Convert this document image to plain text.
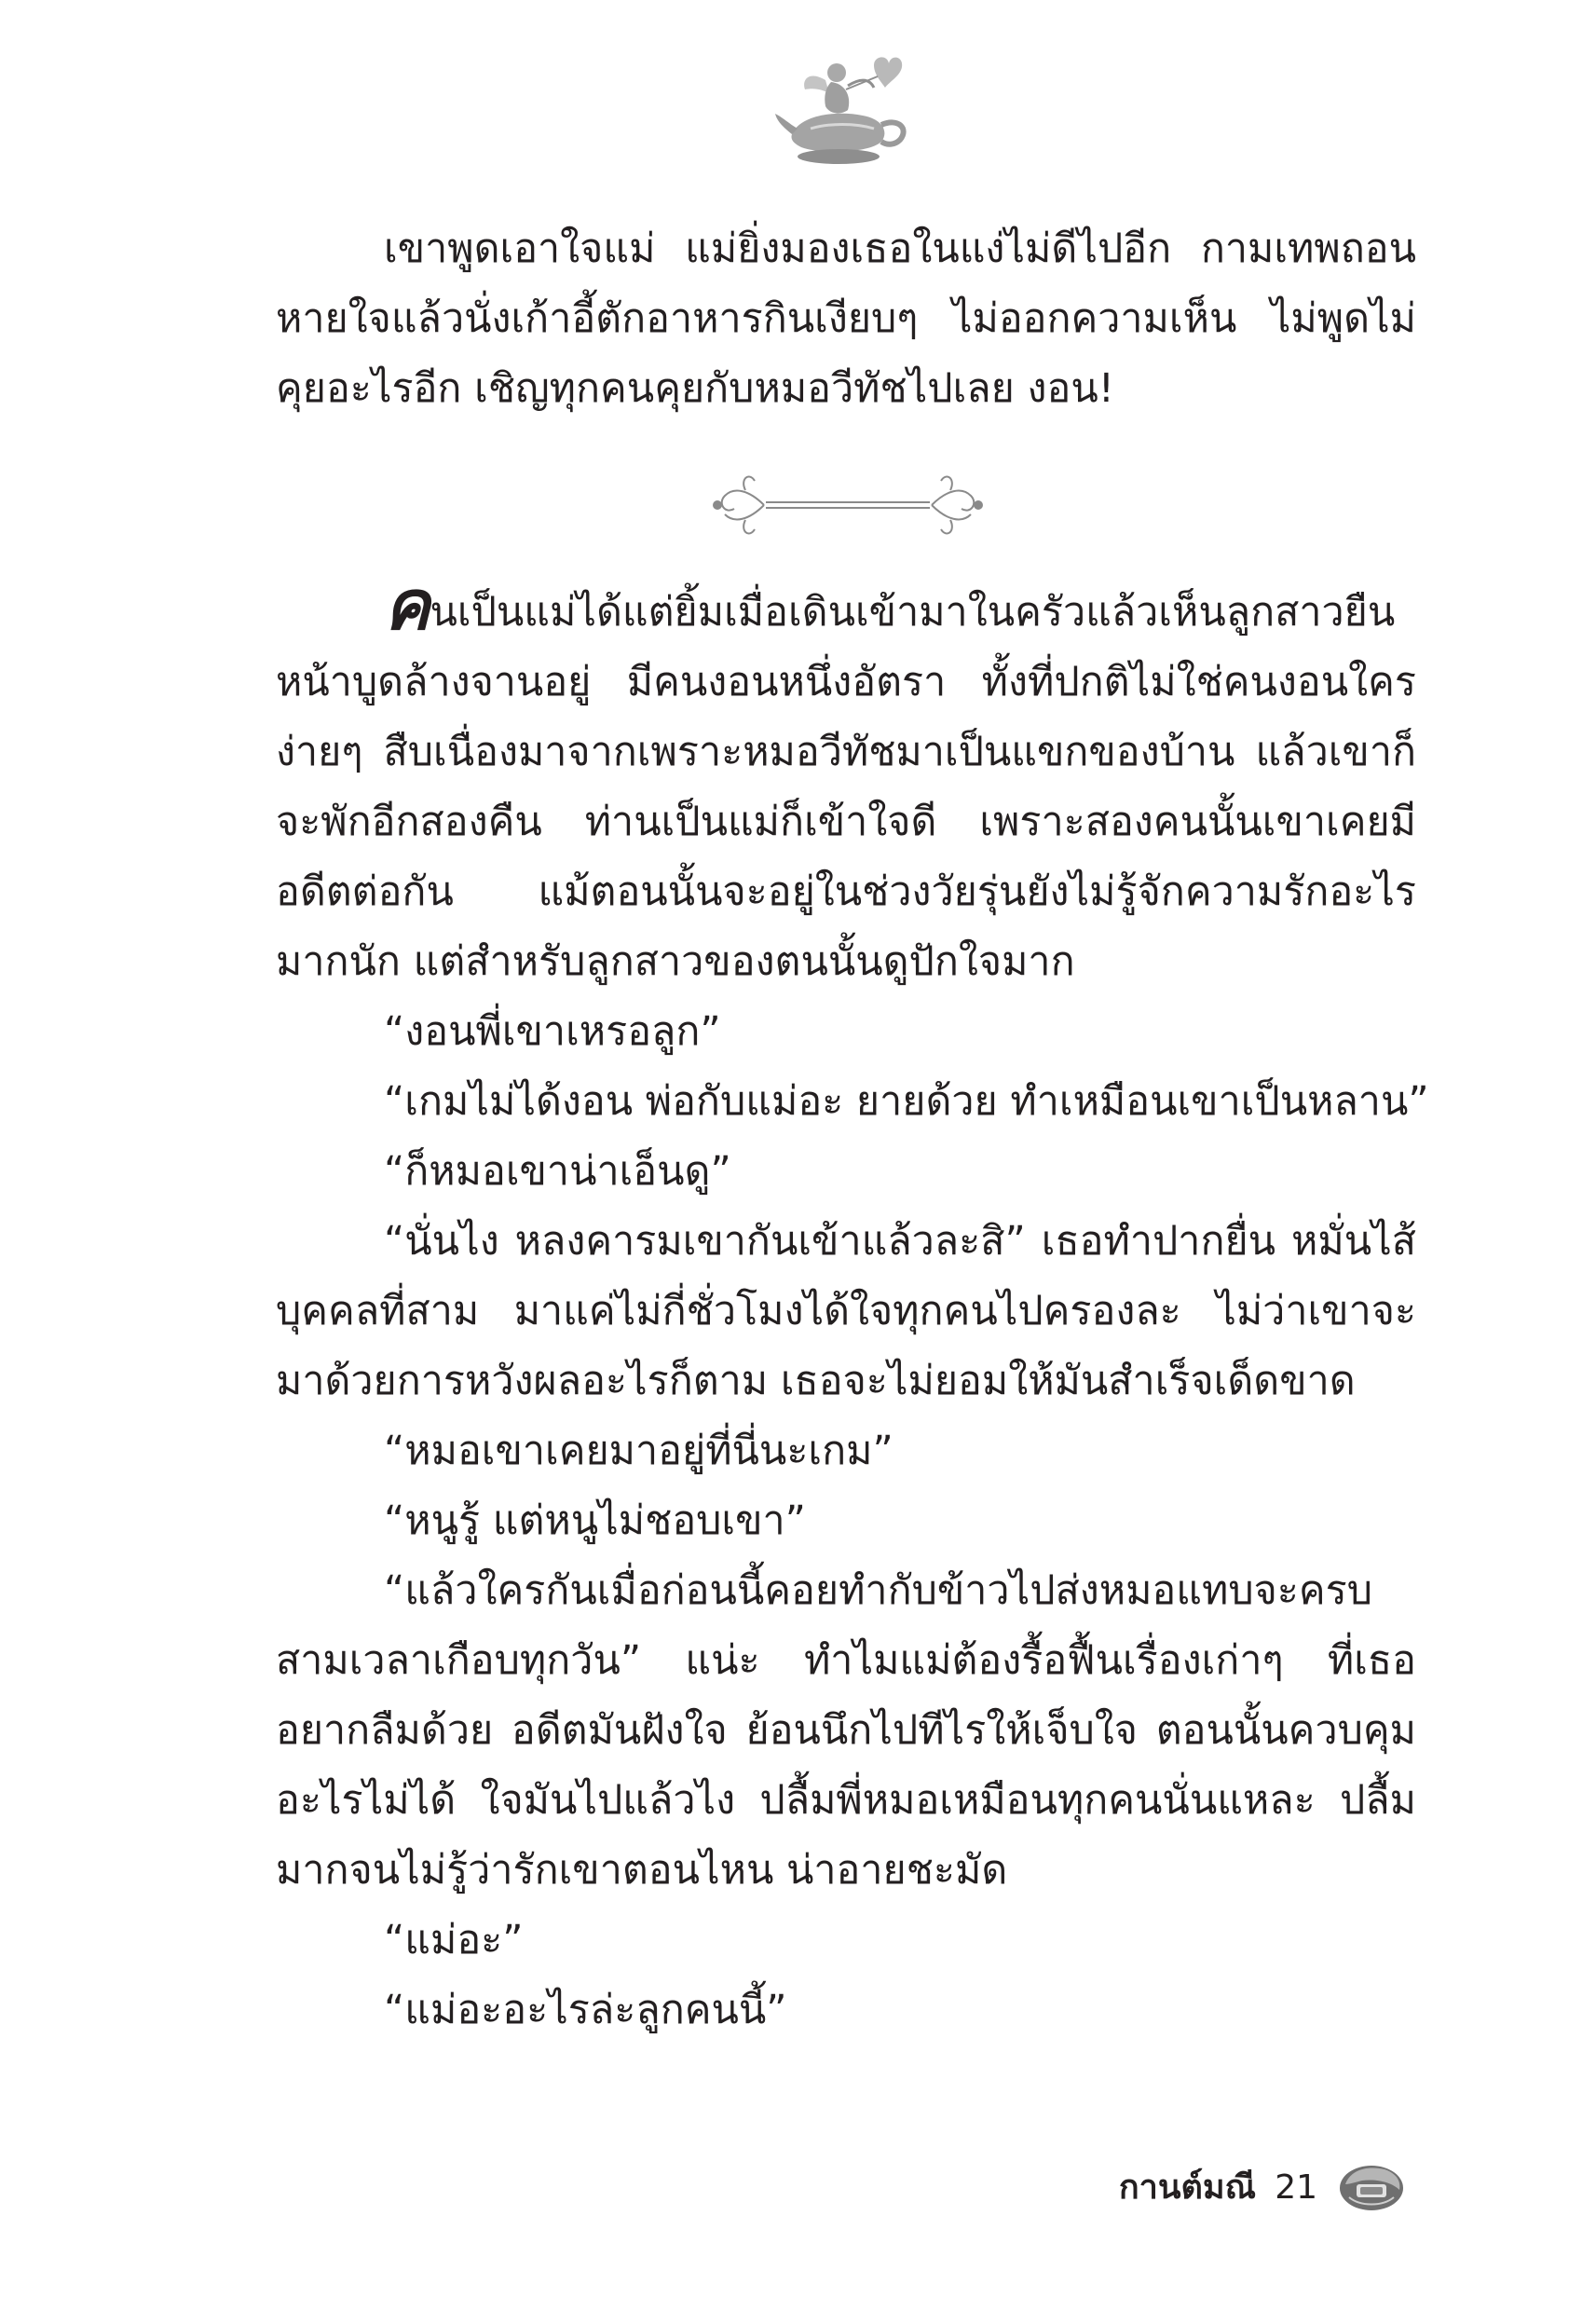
เขาพูดเอาใจแม่ แม่ยิ่งมองเธอในแง่ไม่ดีไปอีก กามเทพถอนหายใจแล้วนั่งเก้าอี้ตักอาหารกินเงียบๆ ไม่ออกความเห็น ไม่พูดไม่คุยอะไรอีก เชิญทุกคนคุยกับหมอวีทัชไปเลย งอน!

คนเป็นแม่ได้แต่ยิ้มเมื่อเดินเข้ามาในครัวแล้วเห็นลูกสาวยืนหน้าบูดล้างจานอยู่ มีคนงอนหนึ่งอัตรา ทั้งที่ปกติไม่ใช่คนงอนใครง่ายๆ สืบเนื่องมาจากเพราะหมอวีทัชมาเป็นแขกของบ้าน แล้วเขาก็จะพักอีกสองคืน ท่านเป็นแม่ก็เข้าใจดี เพราะสองคนนั้นเขาเคยมีอดีตต่อกัน แม้ตอนนั้นจะอยู่ในช่วงวัยรุ่นยังไม่รู้จักความรักอะไรมากนัก แต่สำหรับลูกสาวของตนนั้นดูปักใจมาก

“งอนพี่เขาเหรอลูก”

“เกมไม่ได้งอน พ่อกับแม่อะ ยายด้วย ทำเหมือนเขาเป็นหลาน”

“ก็หมอเขาน่าเอ็นดู”

“นั่นไง หลงคารมเขากันเข้าแล้วละสิ” เธอทำปากยื่น หมั่นไส้บุคคลที่สาม มาแค่ไม่กี่ชั่วโมงได้ใจทุกคนไปครองละ ไม่ว่าเขาจะมาด้วยการหวังผลอะไรก็ตาม เธอจะไม่ยอมให้มันสำเร็จเด็ดขาด

“หมอเขาเคยมาอยู่ที่นี่นะเกม”

“หนูรู้ แต่หนูไม่ชอบเขา”

“แล้วใครกันเมื่อก่อนนี้คอยทำกับข้าวไปส่งหมอแทบจะครบสามเวลาเกือบทุกวัน” แน่ะ ทำไมแม่ต้องรื้อฟื้นเรื่องเก่าๆ ที่เธออยากลืมด้วย อดีตมันฝังใจ ย้อนนึกไปทีไรให้เจ็บใจ ตอนนั้นควบคุมอะไรไม่ได้ ใจมันไปแล้วไง ปลื้มพี่หมอเหมือนทุกคนนั่นแหละ ปลื้มมากจนไม่รู้ว่ารักเขาตอนไหน น่าอายชะมัด

“แม่อะ”

“แม่อะอะไรล่ะลูกคนนี้”

กานต์มณี 21
